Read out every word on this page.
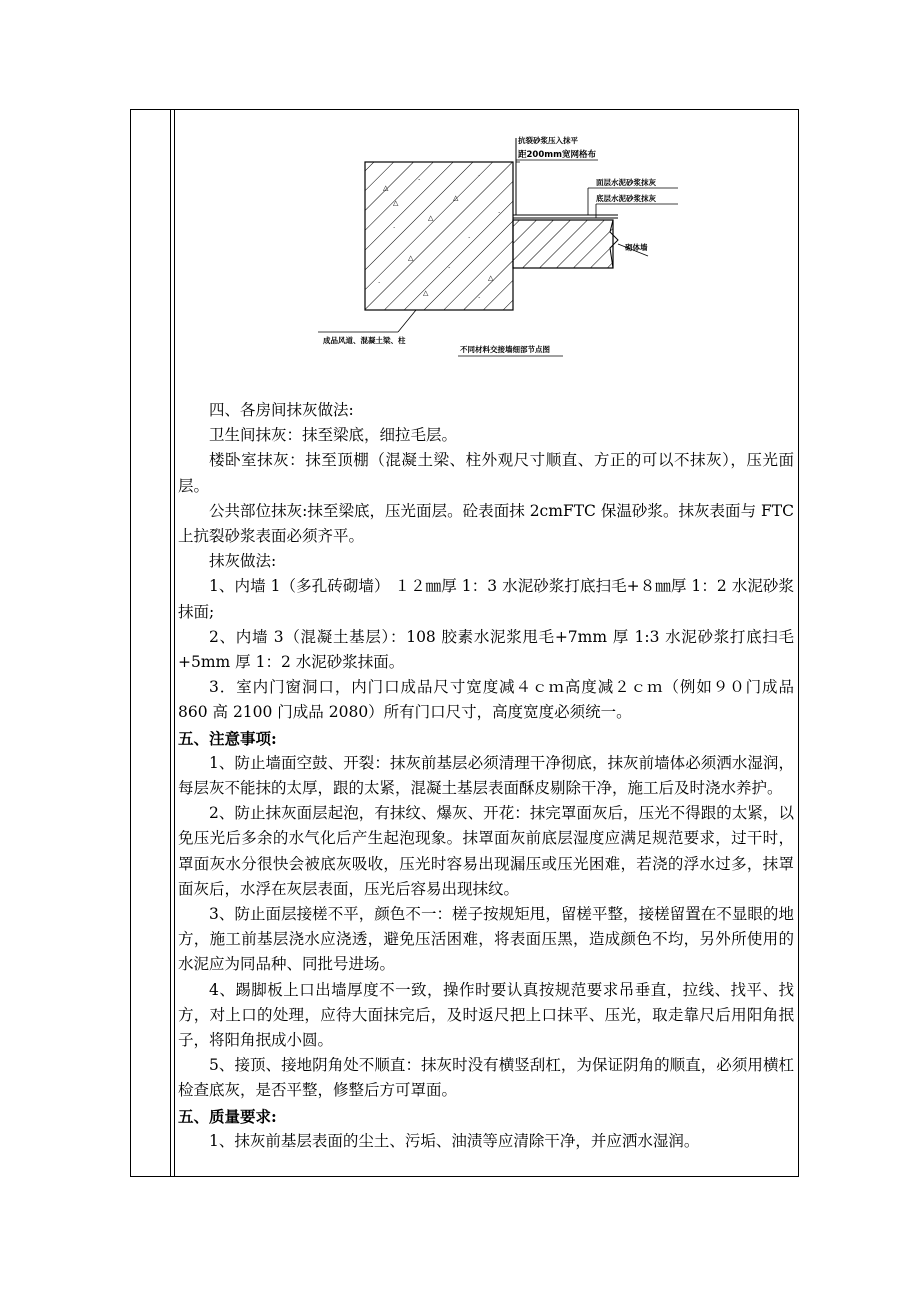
△
·
△
·
·
△
·
△
·
△
·
△
·
△
·
抗裂砂浆压入抹平
距200mm宽网格布
面层水泥砂浆抹灰
底层水泥砂浆抹灰
砌体墙
成品风道、混凝土梁、柱
不同材料交接墙细部节点图

四、各房间抹灰做法:

卫生间抹灰：抹至梁底，细拉毛层。

楼卧室抹灰：抹至顶棚（混凝土梁、柱外观尺寸顺直、方正的可以不抹灰），压光面层。

公共部位抹灰:抹至梁底，压光面层。砼表面抹 2cmFTC 保温砂浆。抹灰表面与 FTC 上抗裂砂浆表面必须齐平。

抹灰做法:

1、内墙 1（多孔砖砌墙） １２㎜厚 1：3 水泥砂浆打底扫毛+８㎜厚 1：2 水泥砂浆抹面;

2、内墙 3（混凝土基层）：108 胶素水泥浆甩毛+7mm 厚 1:3 水泥砂浆打底扫毛+5mm 厚 1：2 水泥砂浆抹面。

3．室内门窗洞口，内门口成品尺寸宽度减４ｃｍ高度减２ｃｍ（例如９０门成品 860 高 2100 门成品 2080）所有门口尺寸，高度宽度必须统一。

五、注意事项:

1、防止墙面空鼓、开裂：抹灰前基层必须清理干净彻底，抹灰前墙体必须洒水湿润，每层灰不能抹的太厚，跟的太紧，混凝土基层表面酥皮剔除干净，施工后及时浇水养护。

2、防止抹灰面层起泡，有抹纹、爆灰、开花：抹完罩面灰后，压光不得跟的太紧，以免压光后多余的水气化后产生起泡现象。抹罩面灰前底层湿度应满足规范要求，过干时，罩面灰水分很快会被底灰吸收，压光时容易出现漏压或压光困难，若浇的浮水过多，抹罩面灰后，水浮在灰层表面，压光后容易出现抹纹。

3、防止面层接槎不平，颜色不一：槎子按规矩甩，留槎平整，接槎留置在不显眼的地方，施工前基层浇水应浇透，避免压活困难，将表面压黑，造成颜色不均，另外所使用的水泥应为同品种、同批号进场。

4、踢脚板上口出墙厚度不一致，操作时要认真按规范要求吊垂直，拉线、找平、找方，对上口的处理，应待大面抹完后，及时返尺把上口抹平、压光，取走靠尺后用阳角抿子，将阳角抿成小圆。

5、接顶、接地阴角处不顺直：抹灰时没有横竖刮杠，为保证阴角的顺直，必须用横杠检查底灰，是否平整，修整后方可罩面。

五、质量要求:

1、抹灰前基层表面的尘土、污垢、油渍等应清除干净，并应洒水湿润。
